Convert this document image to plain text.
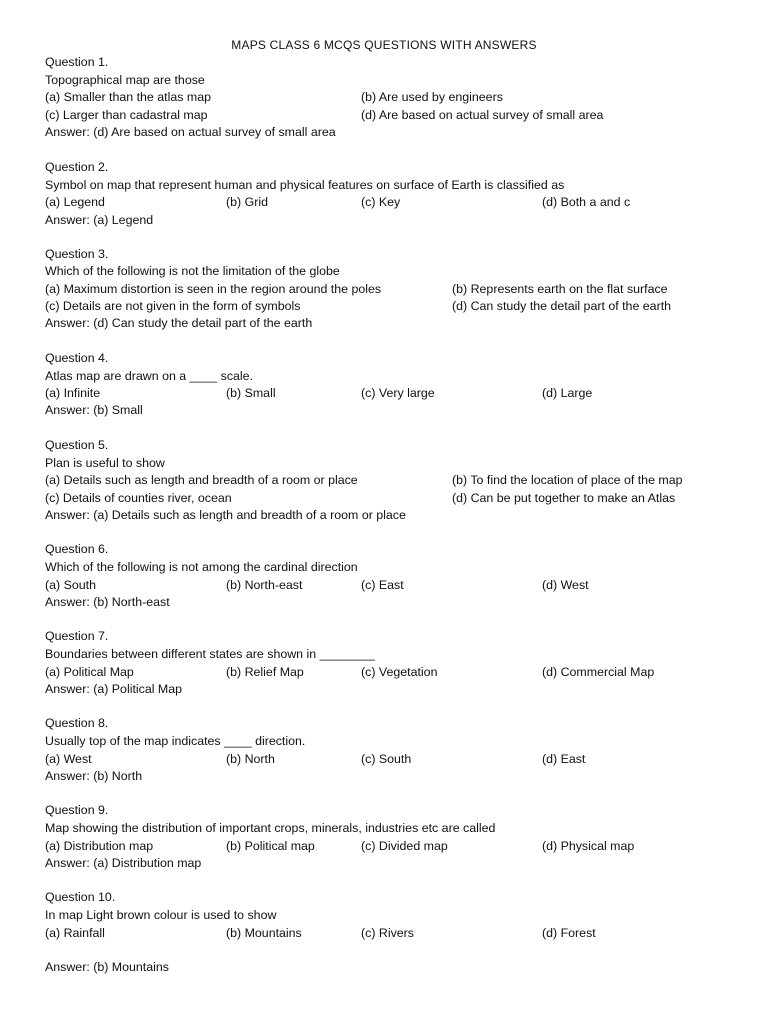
MAPS CLASS 6 MCQS QUESTIONS WITH ANSWERS
Question 1.
Topographical map are those
(a) Smaller than the atlas map	(b) Are used by engineers
(c) Larger than cadastral map	(d) Are based on actual survey of small area
Answer: (d) Are based on actual survey of small area
Question 2.
Symbol on map that represent human and physical features on surface of Earth is classified as
(a) Legend	(b) Grid	(c) Key	(d) Both a and c
Answer: (a) Legend
Question 3.
Which of the following is not the limitation of the globe
(a) Maximum distortion is seen in the region around the poles	(b) Represents earth on the flat surface
(c) Details are not given in the form of symbols	(d) Can study the detail part of the earth
Answer: (d) Can study the detail part of the earth
Question 4.
Atlas map are drawn on a ____ scale.
(a) Infinite	(b) Small	(c) Very large	(d) Large
Answer: (b) Small
Question 5.
Plan is useful to show
(a) Details such as length and breadth of a room or place	(b) To find the location of place of the map
(c) Details of counties river, ocean	(d) Can be put together to make an Atlas
Answer: (a) Details such as length and breadth of a room or place
Question 6.
Which of the following is not among the cardinal direction
(a) South	(b) North-east	(c) East	(d) West
Answer: (b) North-east
Question 7.
Boundaries between different states are shown in ________
(a) Political Map	(b) Relief Map	(c) Vegetation	(d) Commercial Map
Answer: (a) Political Map
Question 8.
Usually top of the map indicates ____ direction.
(a) West	(b) North	(c) South	(d) East
Answer: (b) North
Question 9.
Map showing the distribution of important crops, minerals, industries etc are called
(a) Distribution map	(b) Political map	(c) Divided map	(d) Physical map
Answer: (a) Distribution map
Question 10.
In map Light brown colour is used to show
(a) Rainfall	(b) Mountains	(c) Rivers	(d) Forest
Answer: (b) Mountains
